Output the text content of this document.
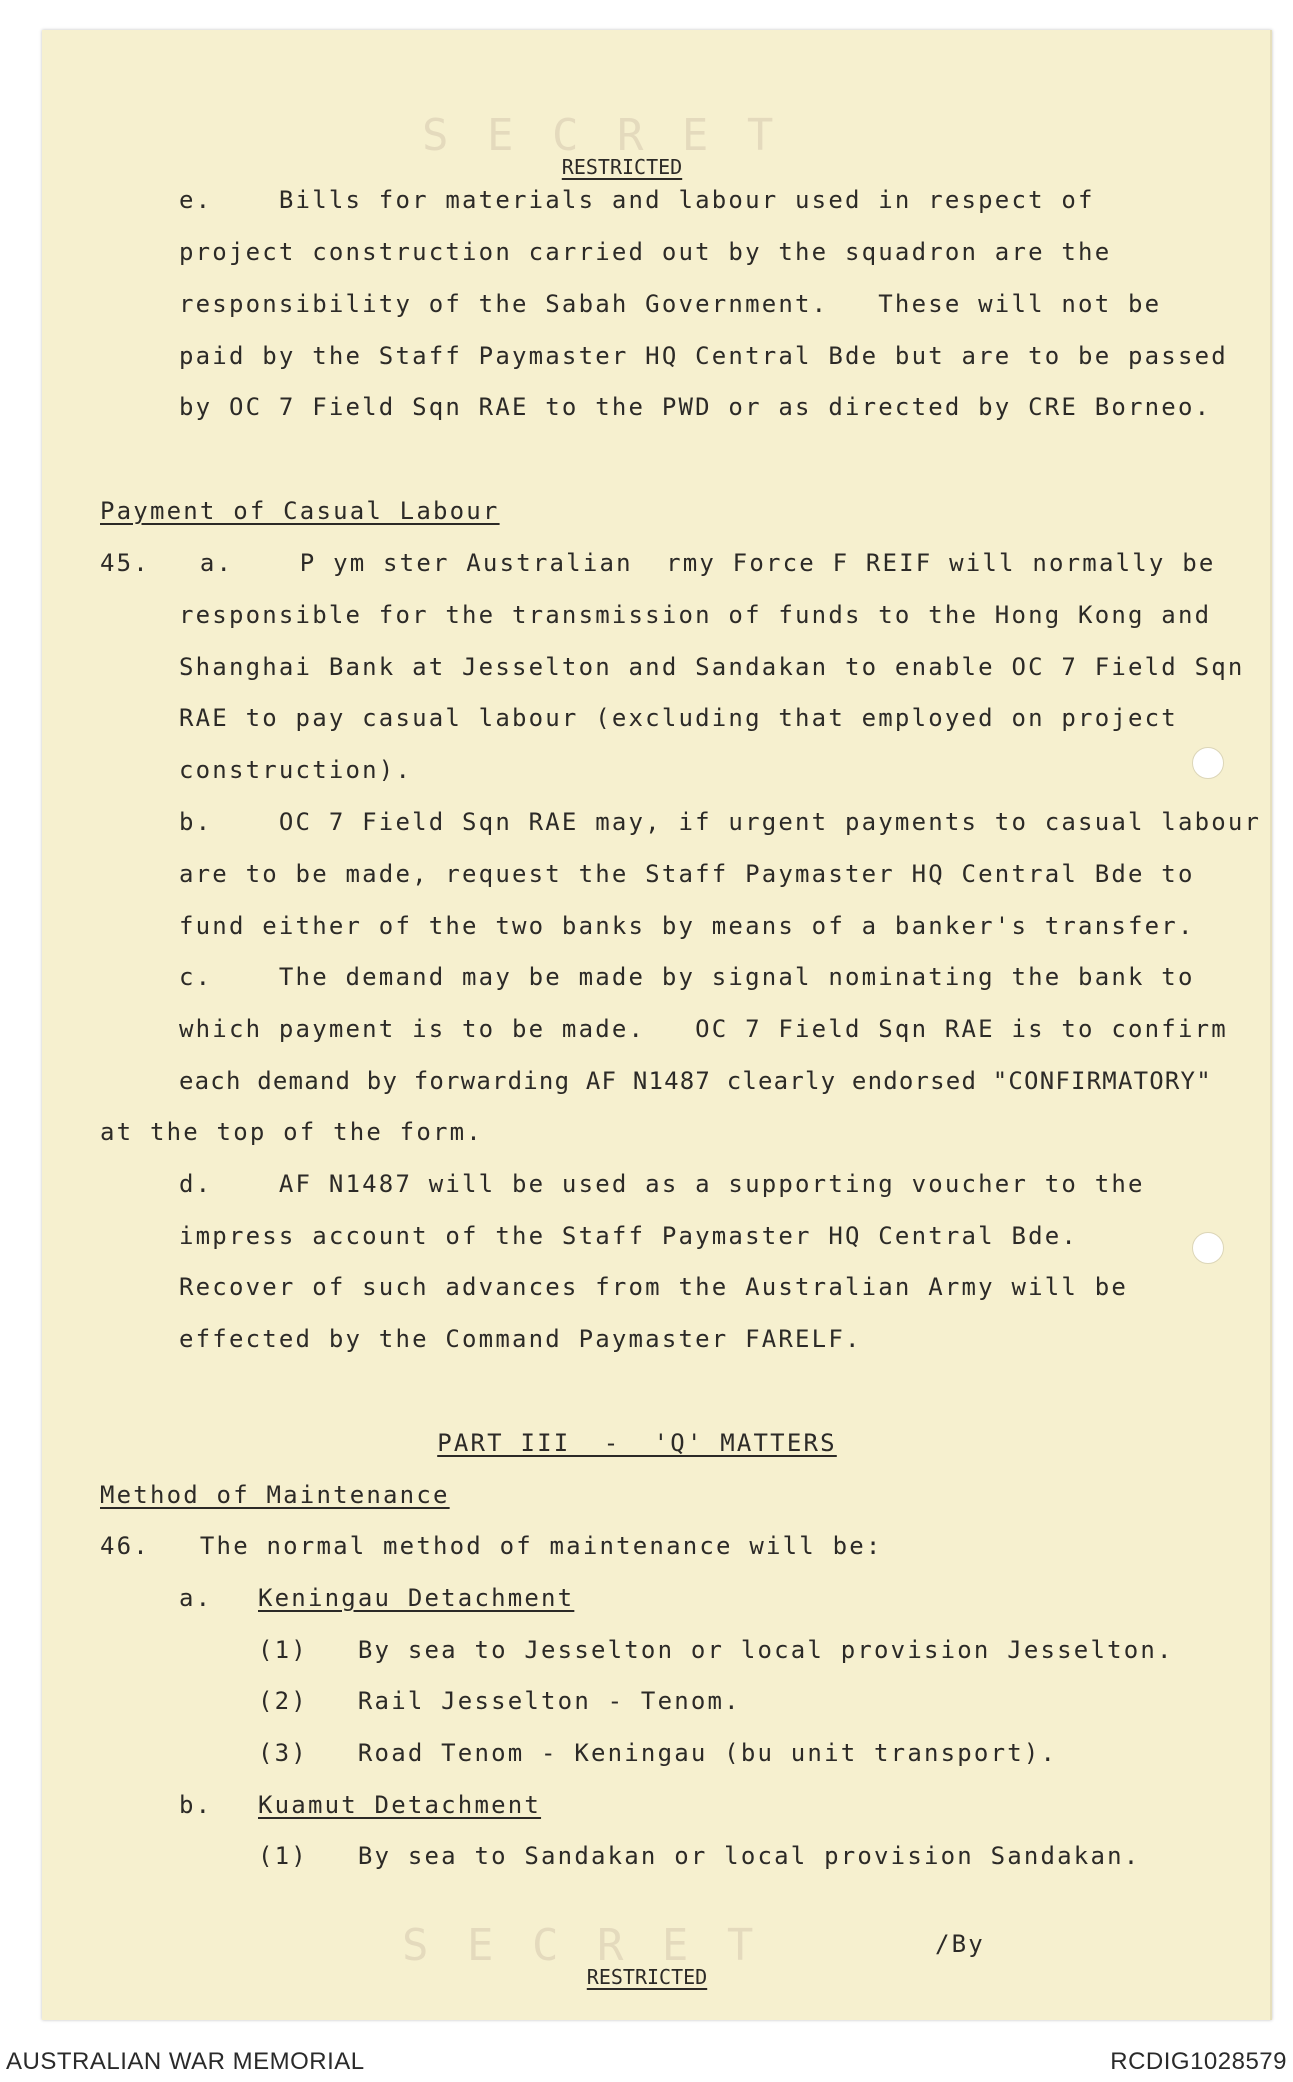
S E C R E T
S E C R E T
RESTRICTED
e.    Bills for materials and labour used in respect of
project construction carried out by the squadron are the
responsibility of the Sabah Government.   These will not be
paid by the Staff Paymaster HQ Central Bde but are to be passed
by OC 7 Field Sqn RAE to the PWD or as directed by CRE Borneo.
Payment of Casual Labour
45.   a.    P ym ster Australian  rmy Force F REIF will normally be
responsible for the transmission of funds to the Hong Kong and
Shanghai Bank at Jesselton and Sandakan to enable OC 7 Field Sqn
RAE to pay casual labour (excluding that employed on project
construction).
b.    OC 7 Field Sqn RAE may, if urgent payments to casual labour
are to be made, request the Staff Paymaster HQ Central Bde to
fund either of the two banks by means of a banker's transfer.
c.    The demand may be made by signal nominating the bank to
which payment is to be made.   OC 7 Field Sqn RAE is to confirm
each demand by forwarding AF N1487 clearly endorsed "CONFIRMATORY"
at the top of the form.
d.    AF N1487 will be used as a supporting voucher to the
impress account of the Staff Paymaster HQ Central Bde.
Recover of such advances from the Australian Army will be
effected by the Command Paymaster FARELF.
PART III  -  'Q' MATTERS
Method of Maintenance
46.   The normal method of maintenance will be:
a. Keningau Detachment
(1)   By sea to Jesselton or local provision Jesselton.
(2)   Rail Jesselton - Tenom.
(3)   Road Tenom - Keningau (bu unit transport).
b. Kuamut Detachment
(1)   By sea to Sandakan or local provision Sandakan.
/By
RESTRICTED
AUSTRALIAN WAR MEMORIAL	RCDIG1028579
